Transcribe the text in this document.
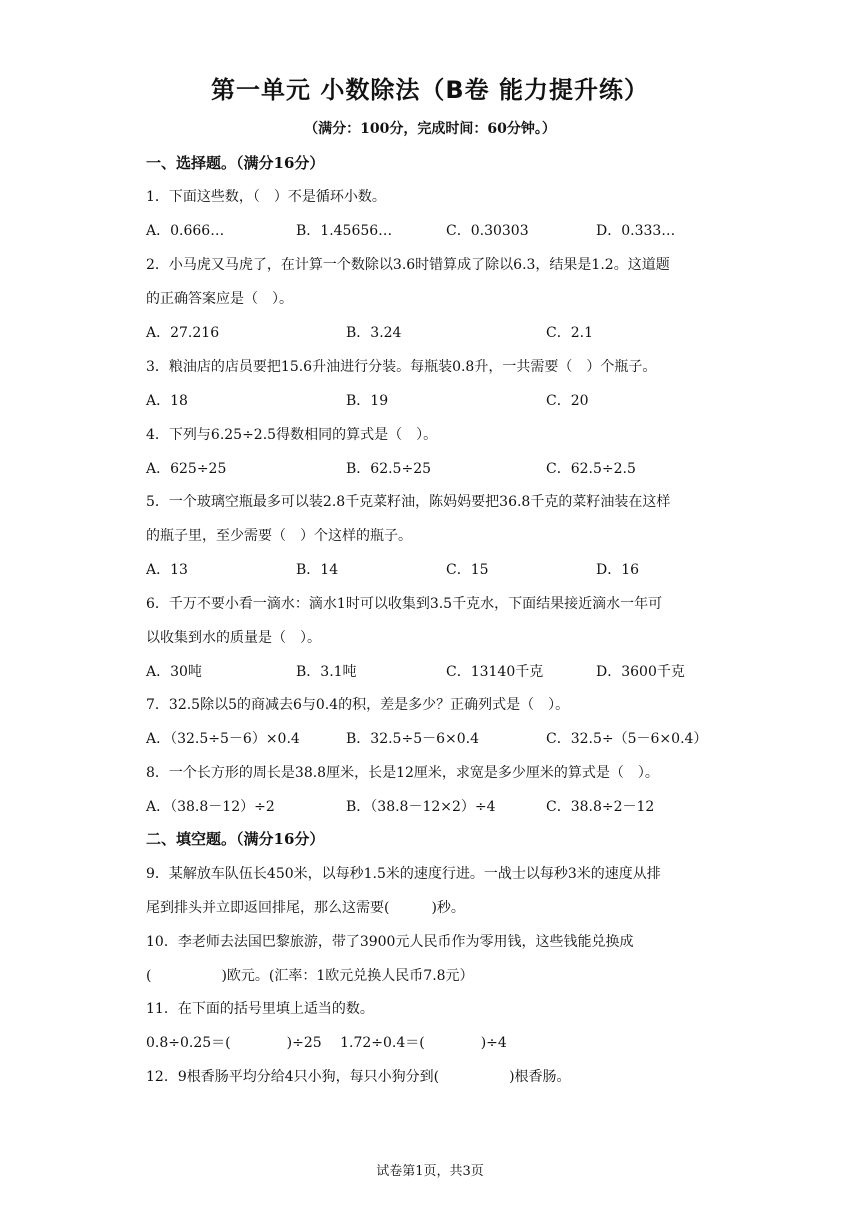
第一单元 小数除法（B卷 能力提升练）
（满分：100分，完成时间：60分钟。）
一、选择题。（满分16分）
1．下面这些数，（　）不是循环小数。
A．0.666…	B．1.45656…	C．0.30303	D．0.333…
2．小马虎又马虎了，在计算一个数除以3.6时错算成了除以6.3，结果是1.2。这道题
的正确答案应是（　）。
A．27.216	B．3.24	C．2.1
3．粮油店的店员要把15.6升油进行分装。每瓶装0.8升，一共需要（　）个瓶子。
A．18	B．19	C．20
4．下列与6.25÷2.5得数相同的算式是（　）。
A．625÷25	B．62.5÷25	C．62.5÷2.5
5．一个玻璃空瓶最多可以装2.8千克菜籽油，陈妈妈要把36.8千克的菜籽油装在这样
的瓶子里，至少需要（　）个这样的瓶子。
A．13	B．14	C．15	D．16
6．千万不要小看一滴水：滴水1时可以收集到3.5千克水，下面结果接近滴水一年可
以收集到水的质量是（　）。
A．30吨	B．3.1吨	C．13140千克	D．3600千克
7．32.5除以5的商减去6与0.4的积，差是多少？正确列式是（　）。
A．（32.5÷5－6）×0.4	B．32.5÷5－6×0.4	C．32.5÷（5－6×0.4）
8．一个长方形的周长是38.8厘米，长是12厘米，求宽是多少厘米的算式是（　）。
A．（38.8－12）÷2	B．（38.8－12×2）÷4	C．38.8÷2－12
二、填空题。（满分16分）
9．某解放车队伍长450米，以每秒1.5米的速度行进。一战士以每秒3米的速度从排
尾到排头并立即返回排尾，那么这需要(　　　)秒。
10．李老师去法国巴黎旅游，带了3900元人民币作为零用钱，这些钱能兑换成
(　　　　　)欧元。(汇率：1欧元兑换人民币7.8元）
11．在下面的括号里填上适当的数。
0.8÷0.25＝(　　　　)÷25　 1.72÷0.4＝(　　　　)÷4
12．9根香肠平均分给4只小狗，每只小狗分到(　　　　　)根香肠。
试卷第1页，共3页
